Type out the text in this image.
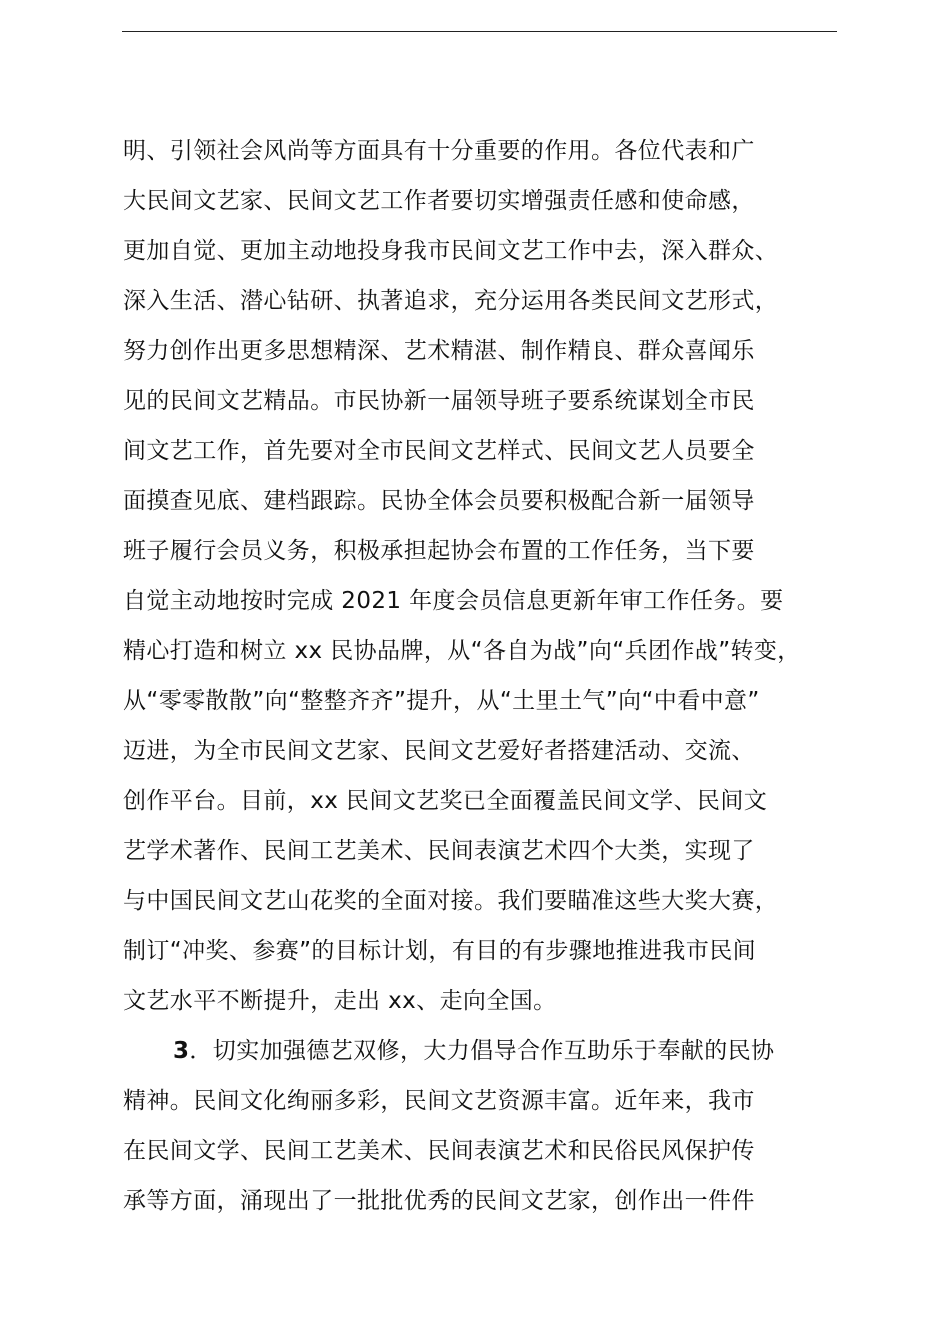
明、引领社会风尚等方面具有十分重要的作用。各位代表和广
大民间文艺家、民间文艺工作者要切实增强责任感和使命感，
更加自觉、更加主动地投身我市民间文艺工作中去，深入群众、
深入生活、潜心钻研、执著追求，充分运用各类民间文艺形式，
努力创作出更多思想精深、艺术精湛、制作精良、群众喜闻乐
见的民间文艺精品。市民协新一届领导班子要系统谋划全市民
间文艺工作，首先要对全市民间文艺样式、民间文艺人员要全
面摸查见底、建档跟踪。民协全体会员要积极配合新一届领导
班子履行会员义务，积极承担起协会布置的工作任务，当下要
自觉主动地按时完成 2021 年度会员信息更新年审工作任务。要
精心打造和树立 xx 民协品牌，从“各自为战”向“兵团作战”转变，
从“零零散散”向“整整齐齐”提升，从“土里土气”向“中看中意”
迈进，为全市民间文艺家、民间文艺爱好者搭建活动、交流、
创作平台。目前，xx 民间文艺奖已全面覆盖民间文学、民间文
艺学术著作、民间工艺美术、民间表演艺术四个大类，实现了
与中国民间文艺山花奖的全面对接。我们要瞄准这些大奖大赛，
制订“冲奖、参赛”的目标计划，有目的有步骤地推进我市民间
文艺水平不断提升，走出 xx、走向全国。
3．切实加强德艺双修，大力倡导合作互助乐于奉献的民协
精神。民间文化绚丽多彩，民间文艺资源丰富。近年来，我市
在民间文学、民间工艺美术、民间表演艺术和民俗民风保护传
承等方面，涌现出了一批批优秀的民间文艺家，创作出一件件
